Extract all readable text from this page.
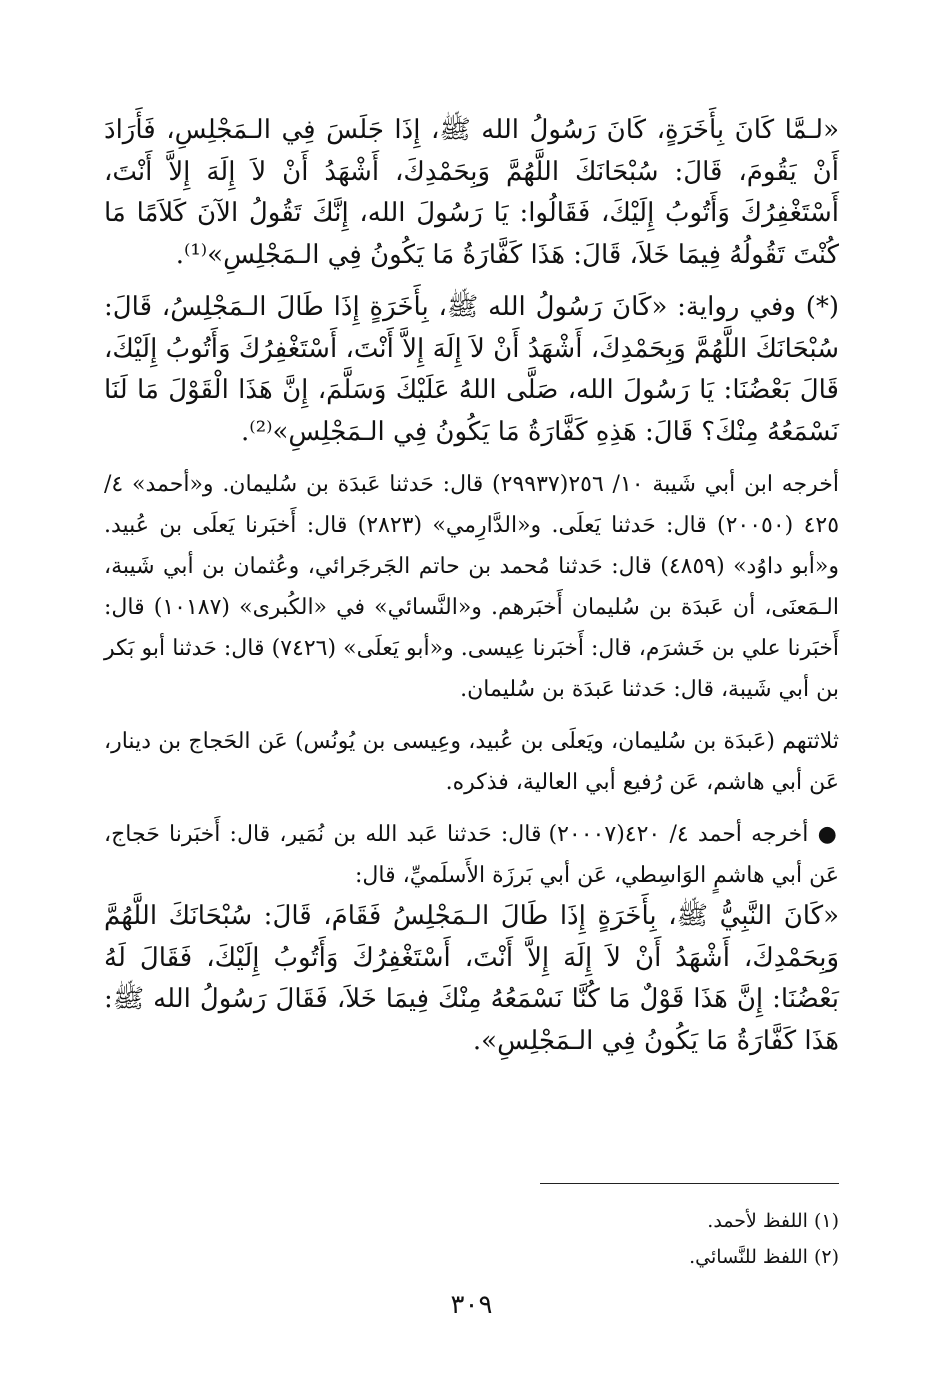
«لـمَّا كَانَ بِأَخَرَةٍ، كَانَ رَسُولُ الله ﷺ، إِذَا جَلَسَ فِي الـمَجْلِسِ، فَأَرَادَ أَنْ يَقُومَ، قَالَ: سُبْحَانَكَ اللَّهُمَّ وَبِحَمْدِكَ، أَشْهَدُ أَنْ لاَ إِلَهَ إِلاَّ أَنْتَ، أَسْتَغْفِرُكَ وَأَتُوبُ إِلَيْكَ، فَقَالُوا: يَا رَسُولَ الله، إِنَّكَ تَقُولُ الآنَ كَلاَمًا مَا كُنْتَ تَقُولُهُ فِيمَا خَلاَ، قَالَ: هَذَا كَفَّارَةُ مَا يَكُونُ فِي الـمَجْلِسِ»⁽¹⁾.

(*) وفي رواية: «كَانَ رَسُولُ الله ﷺ، بِأَخَرَةٍ إِذَا طَالَ الـمَجْلِسُ، قَالَ: سُبْحَانَكَ اللَّهُمَّ وَبِحَمْدِكَ، أَشْهَدُ أَنْ لاَ إِلَهَ إِلاَّ أَنْتَ، أَسْتَغْفِرُكَ وَأَتُوبُ إِلَيْكَ، قَالَ بَعْضُنَا: يَا رَسُولَ الله، صَلَّى اللهُ عَلَيْكَ وَسَلَّمَ، إِنَّ هَذَا الْقَوْلَ مَا لَنَا نَسْمَعُهُ مِنْكَ؟ قَالَ: هَذِهِ كَفَّارَةُ مَا يَكُونُ فِي الـمَجْلِسِ»⁽²⁾.

أخرجه ابن أبي شَيبة ١٠/ ٢٥٦(٢٩٩٣٧) قال: حَدثنا عَبدَة بن سُليمان. و«أحمد» ٤/ ٤٢٥ (٢٠٠٥٠) قال: حَدثنا يَعلَى. و«الدَّارِمي» (٢٨٢٣) قال: أَخبَرنا يَعلَى بن عُبيد. و«أبو داوُد» (٤٨٥٩) قال: حَدثنا مُحمد بن حاتم الجَرجَرائي، وعُثمان بن أبي شَيبة، الـمَعنَى، أن عَبدَة بن سُليمان أَخبَرهم. و«النَّسائي» في «الكُبرى» (١٠١٨٧) قال: أَخبَرنا علي بن خَشرَم، قال: أَخبَرنا عِيسى. و«أبو يَعلَى» (٧٤٢٦) قال: حَدثنا أبو بَكر بن أبي شَيبة، قال: حَدثنا عَبدَة بن سُليمان.

ثلاثتهم (عَبدَة بن سُليمان، ويَعلَى بن عُبيد، وعِيسى بن يُونُس) عَن الحَجاج بن دينار، عَن أبي هاشم، عَن رُفيع أبي العالية، فذكره.

● أخرجه أحمد ٤/ ٤٢٠(٢٠٠٠٧) قال: حَدثنا عَبد الله بن نُمَير، قال: أَخبَرنا حَجاج، عَن أبي هاشمٍ الوَاسِطي، عَن أبي بَرزَة الأَسلَميِّ، قال:

«كَانَ النَّبِيُّ ﷺ، بِأَخَرَةٍ إِذَا طَالَ الـمَجْلِسُ فَقَامَ، قَالَ: سُبْحَانَكَ اللَّهُمَّ وَبِحَمْدِكَ، أَشْهَدُ أَنْ لاَ إِلَهَ إِلاَّ أَنْتَ، أَسْتَغْفِرُكَ وَأَتُوبُ إِلَيْكَ، فَقَالَ لَهُ بَعْضُنَا: إِنَّ هَذَا قَوْلٌ مَا كُنَّا نَسْمَعُهُ مِنْكَ فِيمَا خَلاَ، فَقَالَ رَسُولُ الله ﷺ: هَذَا كَفَّارَةُ مَا يَكُونُ فِي الـمَجْلِسِ».

(١) اللفظ لأحمد.

(٢) اللفظ للنَّسائي.

٣٠٩
